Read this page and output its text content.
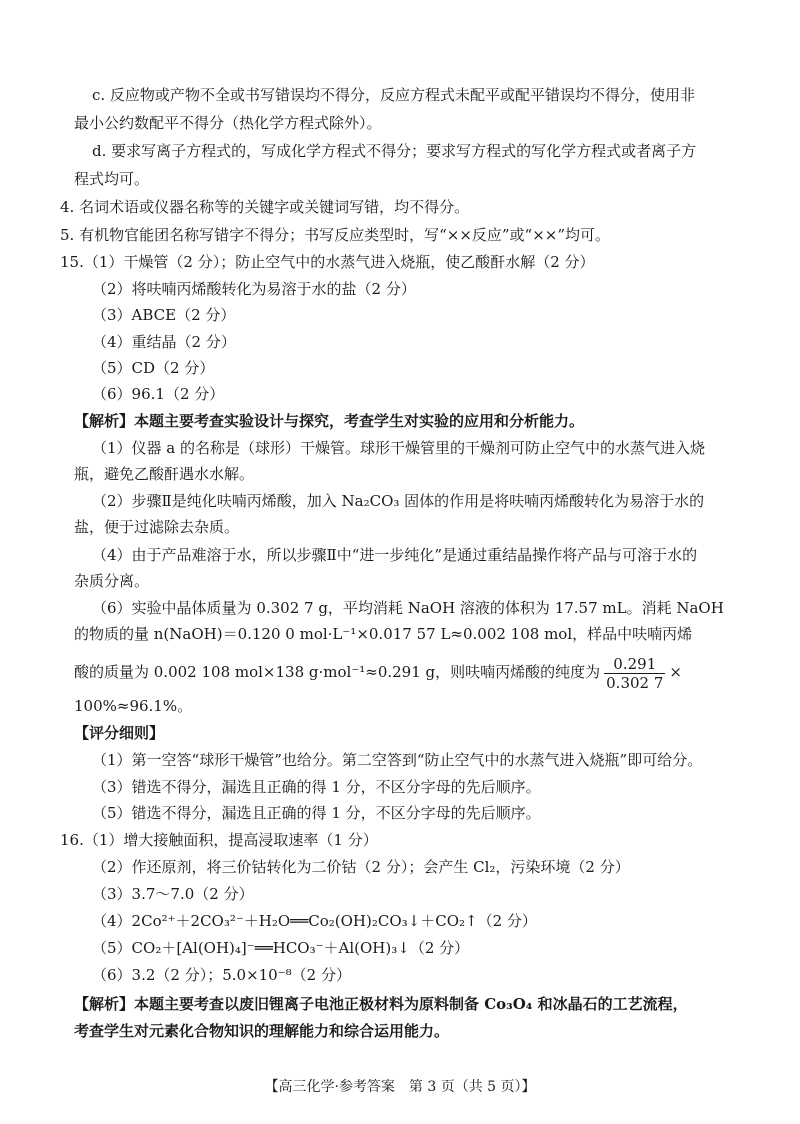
c. 反应物或产物不全或书写错误均不得分，反应方程式未配平或配平错误均不得分，使用非
最小公约数配平不得分（热化学方程式除外）。
d. 要求写离子方程式的，写成化学方程式不得分；要求写方程式的写化学方程式或者离子方
程式均可。
4. 名词术语或仪器名称等的关键字或关键词写错，均不得分。
5. 有机物官能团名称写错字不得分；书写反应类型时，写“××反应”或“××”均可。
15.（1）干燥管（2 分）；防止空气中的水蒸气进入烧瓶，使乙酸酐水解（2 分）
（2）将呋喃丙烯酸转化为易溶于水的盐（2 分）
（3）ABCE（2 分）
（4）重结晶（2 分）
（5）CD（2 分）
（6）96.1（2 分）
【解析】本题主要考查实验设计与探究，考查学生对实验的应用和分析能力。
（1）仪器 a 的名称是（球形）干燥管。球形干燥管里的干燥剂可防止空气中的水蒸气进入烧
瓶，避免乙酸酐遇水水解。
（2）步骤Ⅱ是纯化呋喃丙烯酸，加入 Na₂CO₃ 固体的作用是将呋喃丙烯酸转化为易溶于水的
盐，便于过滤除去杂质。
（4）由于产品难溶于水，所以步骤Ⅱ中“进一步纯化”是通过重结晶操作将产品与可溶于水的
杂质分离。
（6）实验中晶体质量为 0.302 7 g，平均消耗 NaOH 溶液的体积为 17.57 mL。消耗 NaOH
的物质的量 n(NaOH)＝0.120 0 mol·L⁻¹×0.017 57 L≈0.002 108 mol，样品中呋喃丙烯
酸的质量为 0.002 108 mol×138 g·mol⁻¹≈0.291 g，则呋喃丙烯酸的纯度为 $\frac{0.291}{0.302 7}$ ×
100%≈96.1%。
【评分细则】
（1）第一空答“球形干燥管”也给分。第二空答到“防止空气中的水蒸气进入烧瓶”即可给分。
（3）错选不得分，漏选且正确的得 1 分，不区分字母的先后顺序。
（5）错选不得分，漏选且正确的得 1 分，不区分字母的先后顺序。
16.（1）增大接触面积，提高浸取速率（1 分）
（2）作还原剂，将三价钴转化为二价钴（2 分）；会产生 Cl₂，污染环境（2 分）
（3）3.7～7.0（2 分）
（4）2Co²⁺＋2CO₃²⁻＋H₂O══Co₂(OH)₂CO₃↓＋CO₂↑（2 分）
（5）CO₂＋[Al(OH)₄]⁻══HCO₃⁻＋Al(OH)₃↓（2 分）
（6）3.2（2 分）；5.0×10⁻⁸（2 分）
【解析】本题主要考查以废旧锂离子电池正极材料为原料制备 Co₃O₄ 和冰晶石的工艺流程，
考查学生对元素化合物知识的理解能力和综合运用能力。
【高三化学·参考答案　第 3 页（共 5 页）】
